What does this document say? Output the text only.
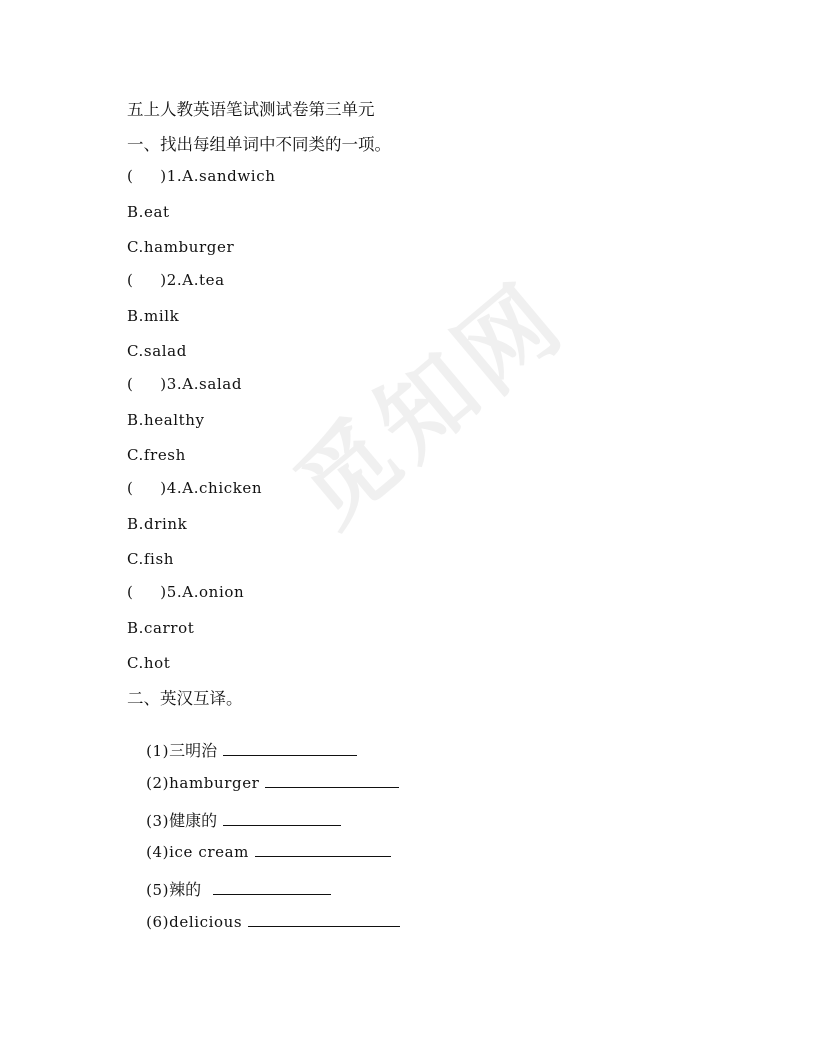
觅知网
五上人教英语笔试测试卷第三单元
一、找出每组单词中不同类的一项。
(     )1.A.sandwich
B.eat
C.hamburger
(     )2.A.tea
B.milk
C.salad
(     )3.A.salad
B.healthy
C.fresh
(     )4.A.chicken
B.drink
C.fish
(     )5.A.onion
B.carrot
C.hot
二、英汉互译。

(1)三明治

(2)hamburger

(3)健康的

(4)ice cream

(5)辣的

(6)delicious
